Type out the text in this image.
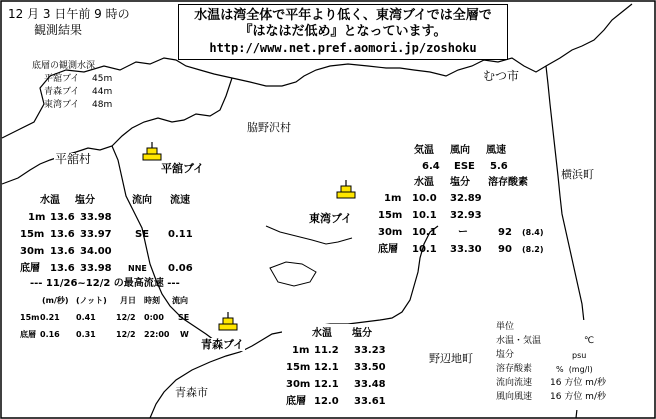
12 月 3 日午前 9 時の
観測結果
水温は湾全体で平年より低く、東湾ブイでは全層で
『はなはだ低め』となっています。
http://www.net.pref.aomori.jp/zoshoku
底層の観測水深
平舘ブイ 45m
青森ブイ 44m
東湾ブイ 48m
むつ市
脇野沢村
平舘村
横浜町
野辺地町
青森市
平舘ブイ
東湾ブイ
青森ブイ
水温 塩分	流向 流速
1m 13.6 33.98
15m 13.6 33.97 SE 0.11
30m 13.6 34.00
底層 13.6 33.98 NNE 0.06
--- 11/26~12/2 の最高流速 ---
(m/秒) (ノット) 月日 時刻 流向
15m 0.21 0.41	12/2 0:00 SE
底層 0.16 0.31	12/2 22:00 W
気温 風向 風速
6.4 ESE 5.6
水温 塩分 溶存酸素
1m 10.0 32.89
15m 10.1 32.93
30m 10.1 ー	92 (8.4)
底層 10.1 33.30 90 (8.2)
水温 塩分
1m 11.2 33.23
15m 12.1 33.50
30m 12.1 33.48
底層 12.0 33.61
単位
水温・気温	℃
塩分	psu
溶存酸素	%  (mg/l)
流向流速 16 方位 m/秒
風向風速 16 方位 m/秒
